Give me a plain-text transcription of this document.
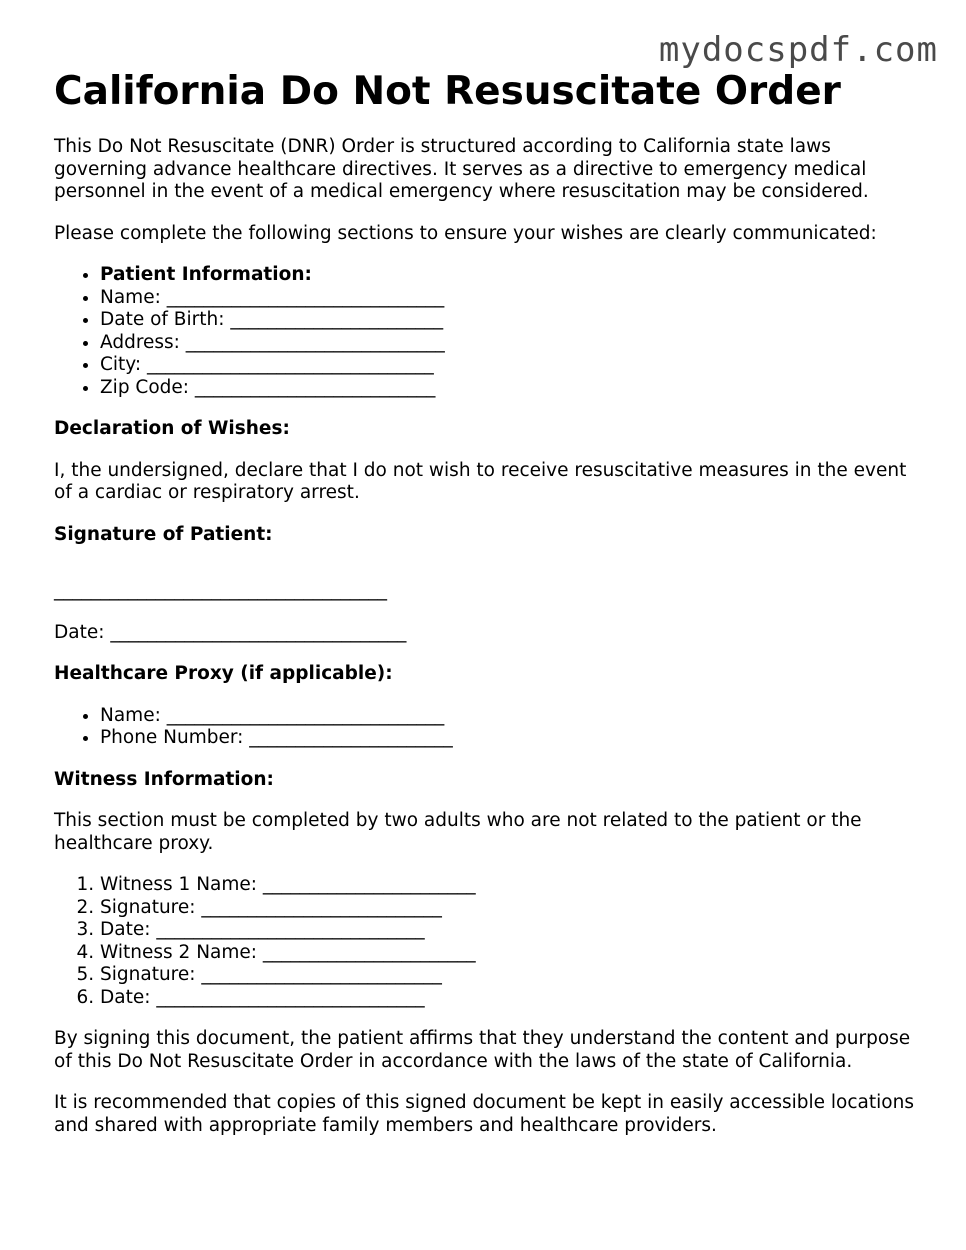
mydocspdf.com
California Do Not Resuscitate Order

This Do Not Resuscitate (DNR) Order is structured according to California state laws governing advance healthcare directives. It serves as a directive to emergency medical personnel in the event of a medical emergency where resuscitation may be considered.

Please complete the following sections to ensure your wishes are clearly communicated:

• Patient Information:
• Name: ______________________________
• Date of Birth: _______________________
• Address: ____________________________
• City: _______________________________
• Zip Code: __________________________

Declaration of Wishes:

I, the undersigned, declare that I do not wish to receive resuscitative measures in the event of a cardiac or respiratory arrest.

Signature of Patient:

____________________________________

Date: ________________________________

Healthcare Proxy (if applicable):

• Name: ______________________________
• Phone Number: ______________________

Witness Information:

This section must be completed by two adults who are not related to the patient or the healthcare proxy.

1. Witness 1 Name: _______________________
2. Signature: __________________________
3. Date: _____________________________
4. Witness 2 Name: _______________________
5. Signature: __________________________
6. Date: _____________________________

By signing this document, the patient affirms that they understand the content and purpose of this Do Not Resuscitate Order in accordance with the laws of the state of California.

It is recommended that copies of this signed document be kept in easily accessible locations and shared with appropriate family members and healthcare providers.
